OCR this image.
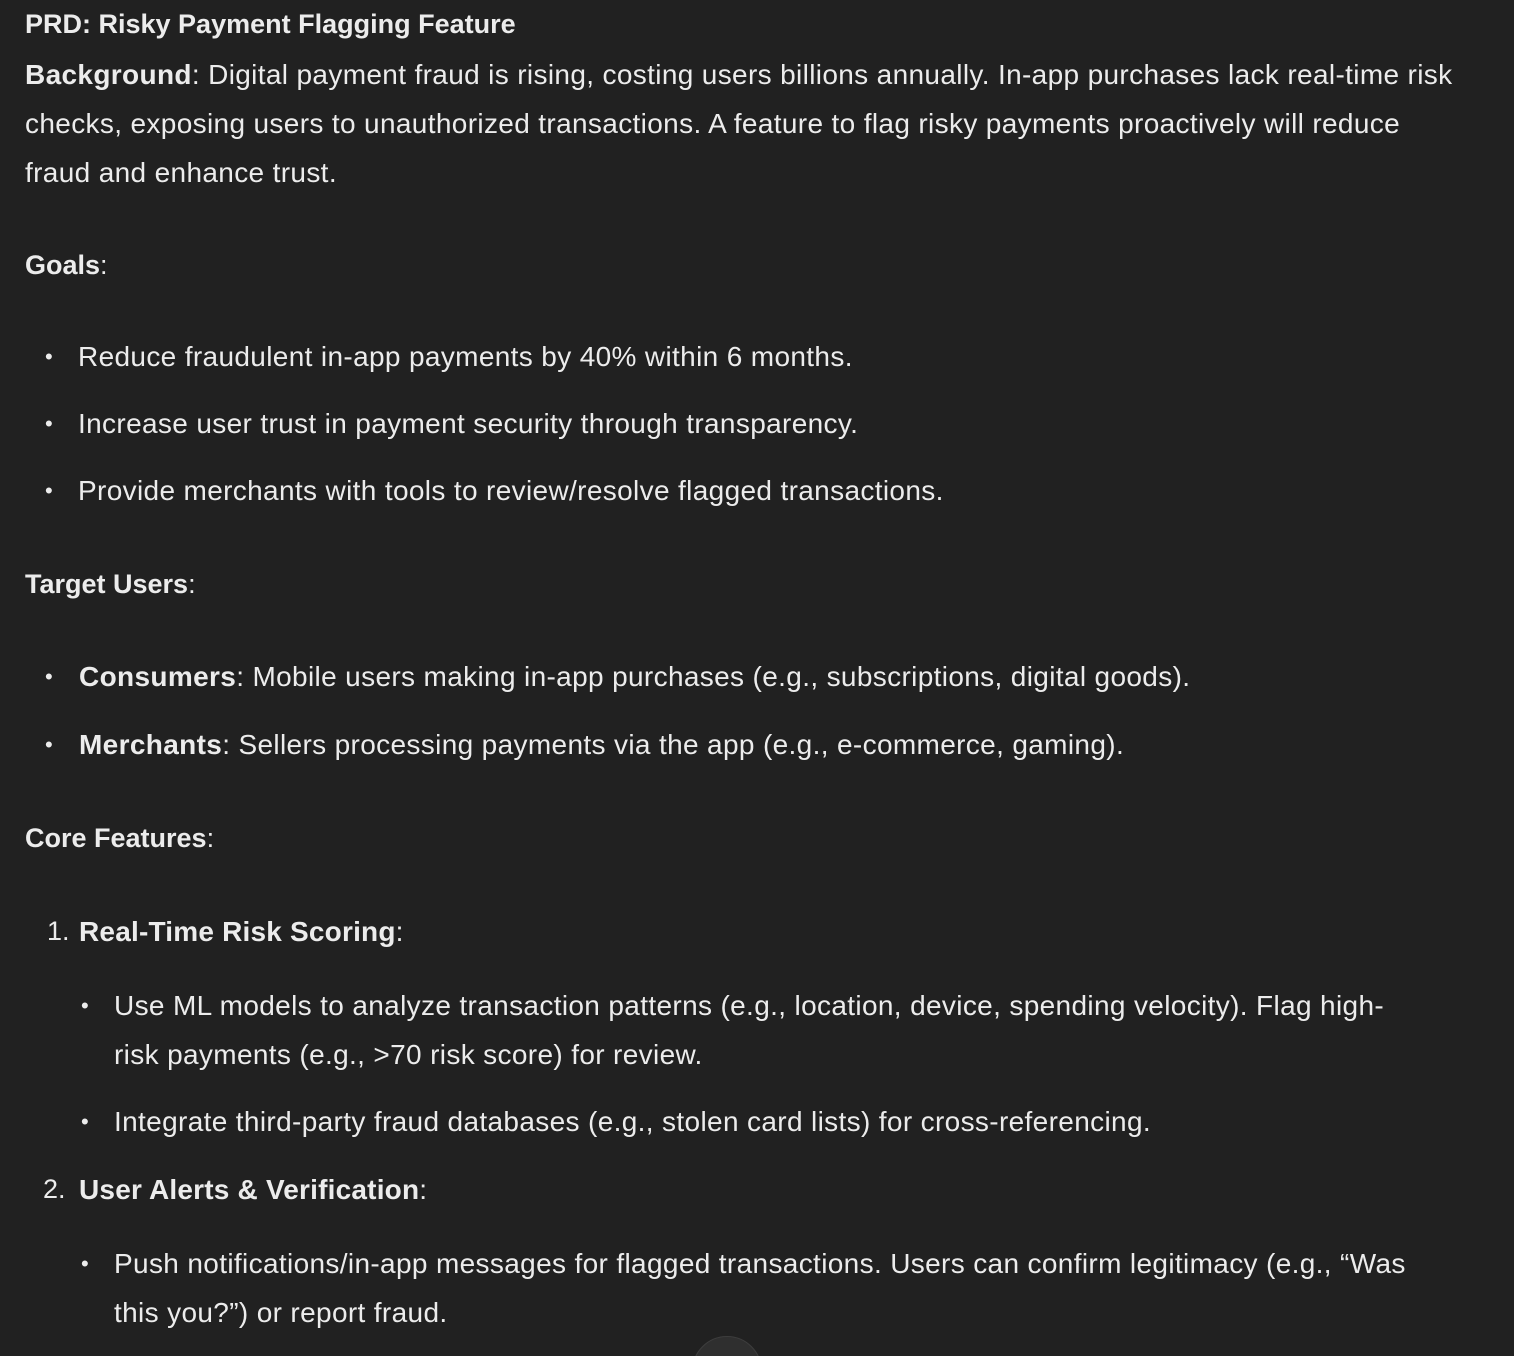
PRD: Risky Payment Flagging Feature
Background: Digital payment fraud is rising, costing users billions annually. In-app purchases lack real-time risk checks, exposing users to unauthorized transactions. A feature to flag risky payments proactively will reduce fraud and enhance trust.
Goals:
• Reduce fraudulent in-app payments by 40% within 6 months.
• Increase user trust in payment security through transparency.
• Provide merchants with tools to review/resolve flagged transactions.
Target Users:
• Consumers: Mobile users making in-app purchases (e.g., subscriptions, digital goods).
• Merchants: Sellers processing payments via the app (e.g., e-commerce, gaming).
Core Features:
1. Real-Time Risk Scoring:
• Use ML models to analyze transaction patterns (e.g., location, device, spending velocity). Flag high-risk payments (e.g., >70 risk score) for review.
• Integrate third-party fraud databases (e.g., stolen card lists) for cross-referencing.
2. User Alerts & Verification:
• Push notifications/in-app messages for flagged transactions. Users can confirm legitimacy (e.g., “Was this you?”) or report fraud.
